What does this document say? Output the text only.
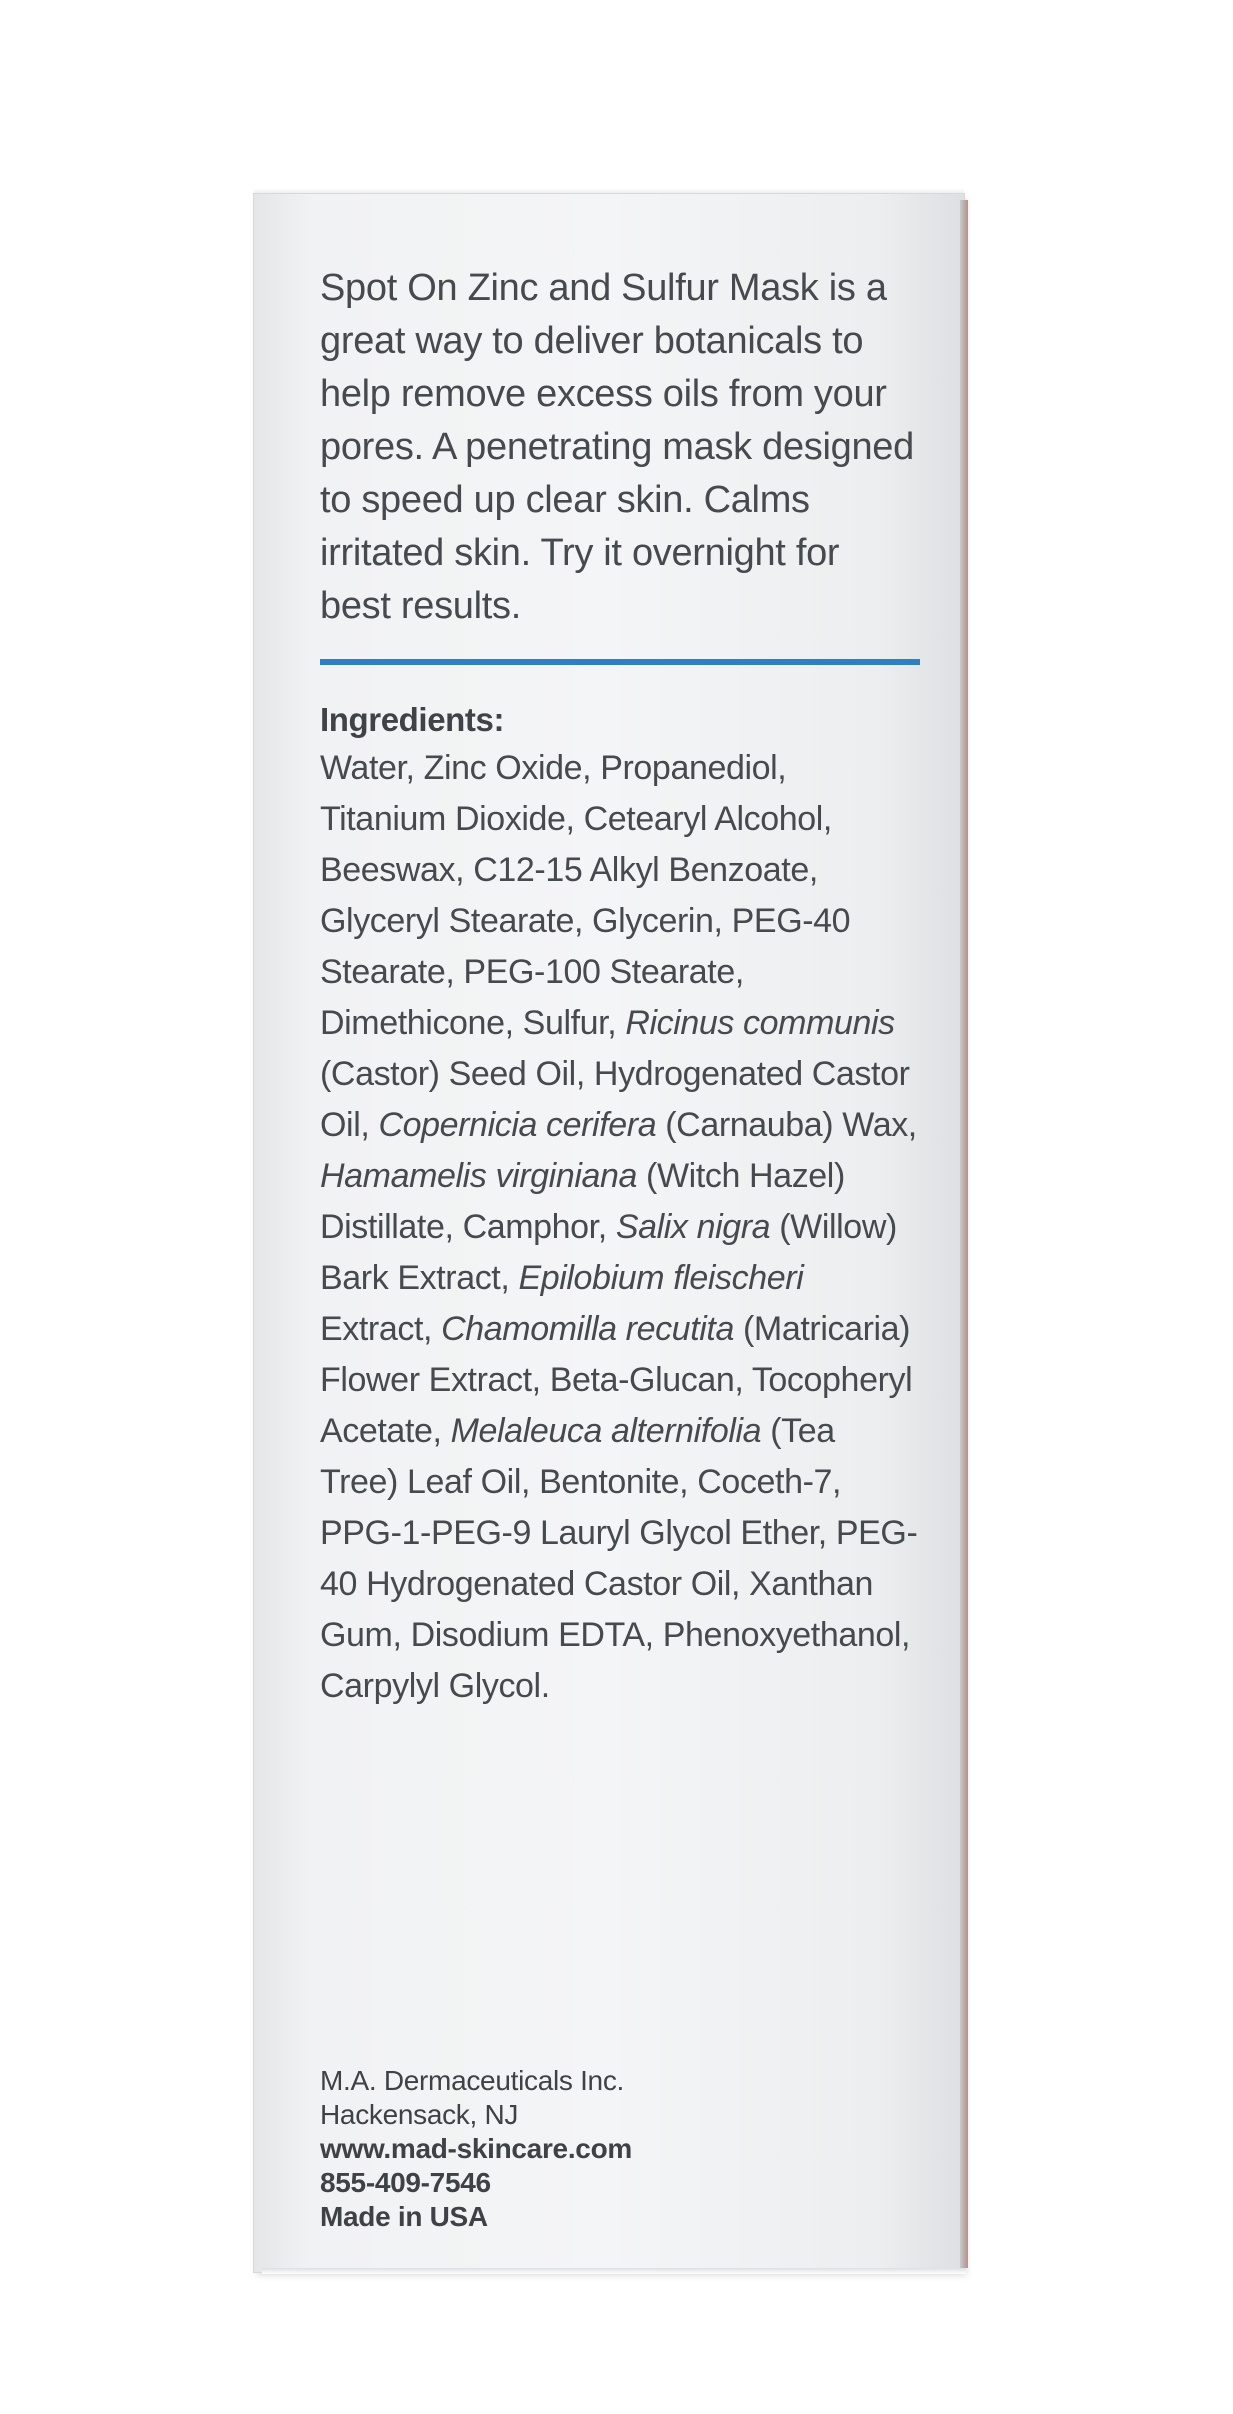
Spot On Zinc and Sulfur Mask is a great way to deliver botanicals to help remove excess oils from your pores. A penetrating mask designed to speed up clear skin. Calms irritated skin. Try it overnight for best results.

Ingredients:

Water, Zinc Oxide, Propanediol, Titanium Dioxide, Cetearyl Alcohol, Beeswax, C12-15 Alkyl Benzoate, Glyceryl Stearate, Glycerin, PEG-40 Stearate, PEG-100 Stearate, Dimethicone, Sulfur, Ricinus communis (Castor) Seed Oil, Hydrogenated Castor Oil, Copernicia cerifera (Carnauba) Wax, Hamamelis virginiana (Witch Hazel) Distillate, Camphor, Salix nigra (Willow) Bark Extract, Epilobium fleischeri Extract, Chamomilla recutita (Matricaria) Flower Extract, Beta-Glucan, Tocopheryl Acetate, Melaleuca alternifolia (Tea Tree) Leaf Oil, Bentonite, Coceth-7, PPG-1-PEG-9 Lauryl Glycol Ether, PEG-40 Hydrogenated Castor Oil, Xanthan Gum, Disodium EDTA, Phenoxyethanol, Carpylyl Glycol.

M.A. Dermaceuticals Inc.
Hackensack, NJ
www.mad-skincare.com
855-409-7546
Made in USA
